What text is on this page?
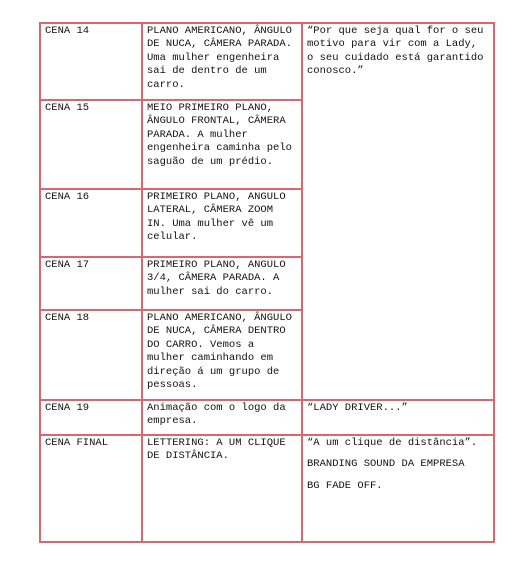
CENA 14	PLANO AMERICANO, ÂNGULO DE NUCA, CÂMERA PARADA. Uma mulher engenheira sai de dentro de um carro.	“Por que seja qual for o seu motivo para vir com a Lady, o seu cuidado está garantido conosco.”

CENA 15	MEIO PRIMEIRO PLANO, ÂNGULO FRONTAL, CÂMERA PARADA. A mulher engenheira caminha pelo saguão de um prédio.	

CENA 16	PRIMEIRO PLANO, ANGULO LATERAL, CÂMERA ZOOM IN. Uma mulher vê um celular.	

CENA 17	PRIMEIRO PLANO, ANGULO 3/4, CÂMERA PARADA. A mulher sai do carro.	

CENA 18	PLANO AMERICANO, ÂNGULO DE NUCA, CÂMERA DENTRO DO CARRO. Vemos a mulher caminhando em direção á um grupo de pessoas.	

CENA 19	Animação com o logo da empresa.	“LADY DRIVER...”

CENA FINAL	LETTERING: A UM CLIQUE DE DISTÂNCIA.	“A um clique de distância”.
BRANDING SOUND DA EMPRESA
BG FADE OFF.
